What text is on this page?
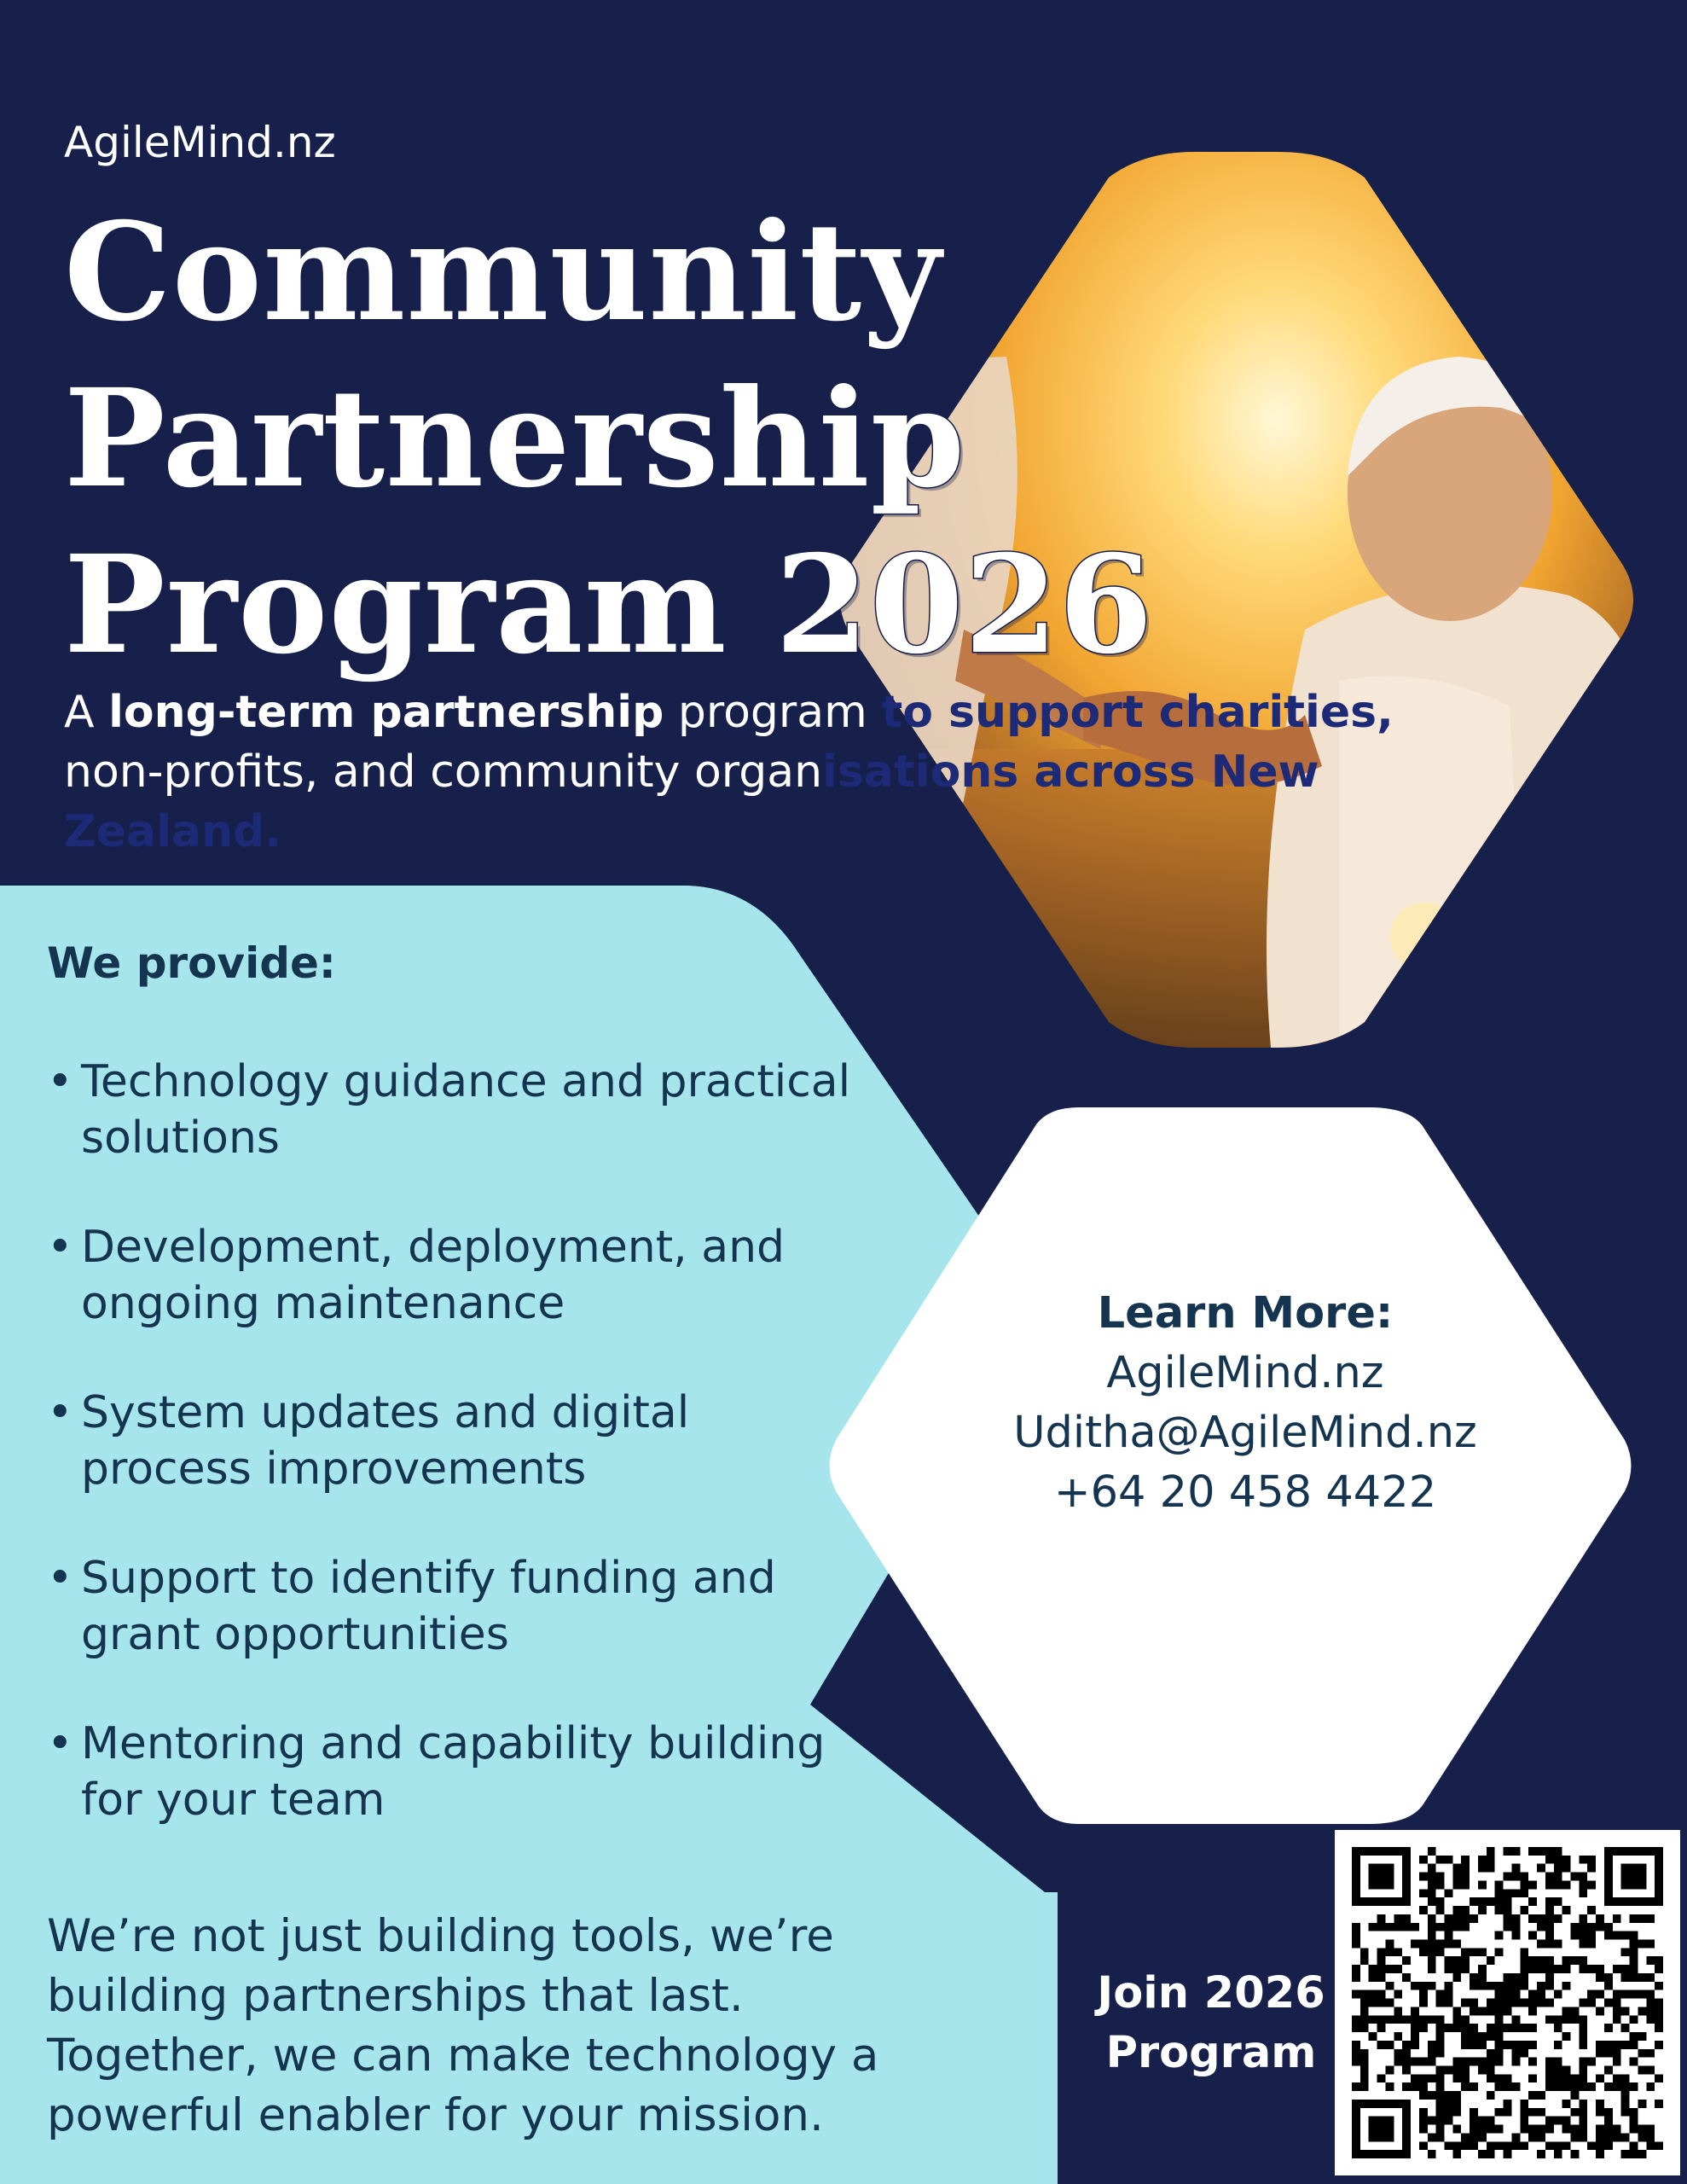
AgileMind.nz

Community
Partnership
Program 2026

A long-term partnership program to support charities,
non-profits, and community organisations across New Zealand.

We provide:
• Technology guidance and practical solutions
• Development, deployment, and ongoing maintenance
• System updates and digital process improvements
• Support to identify funding and grant opportunities
• Mentoring and capability building for your team

We’re not just building tools, we’re building partnerships that last. Together, we can make technology a powerful enabler for your mission.

Learn More:
AgileMind.nz
Uditha@AgileMind.nz
+64 20 458 4422
Join 2026
Program
